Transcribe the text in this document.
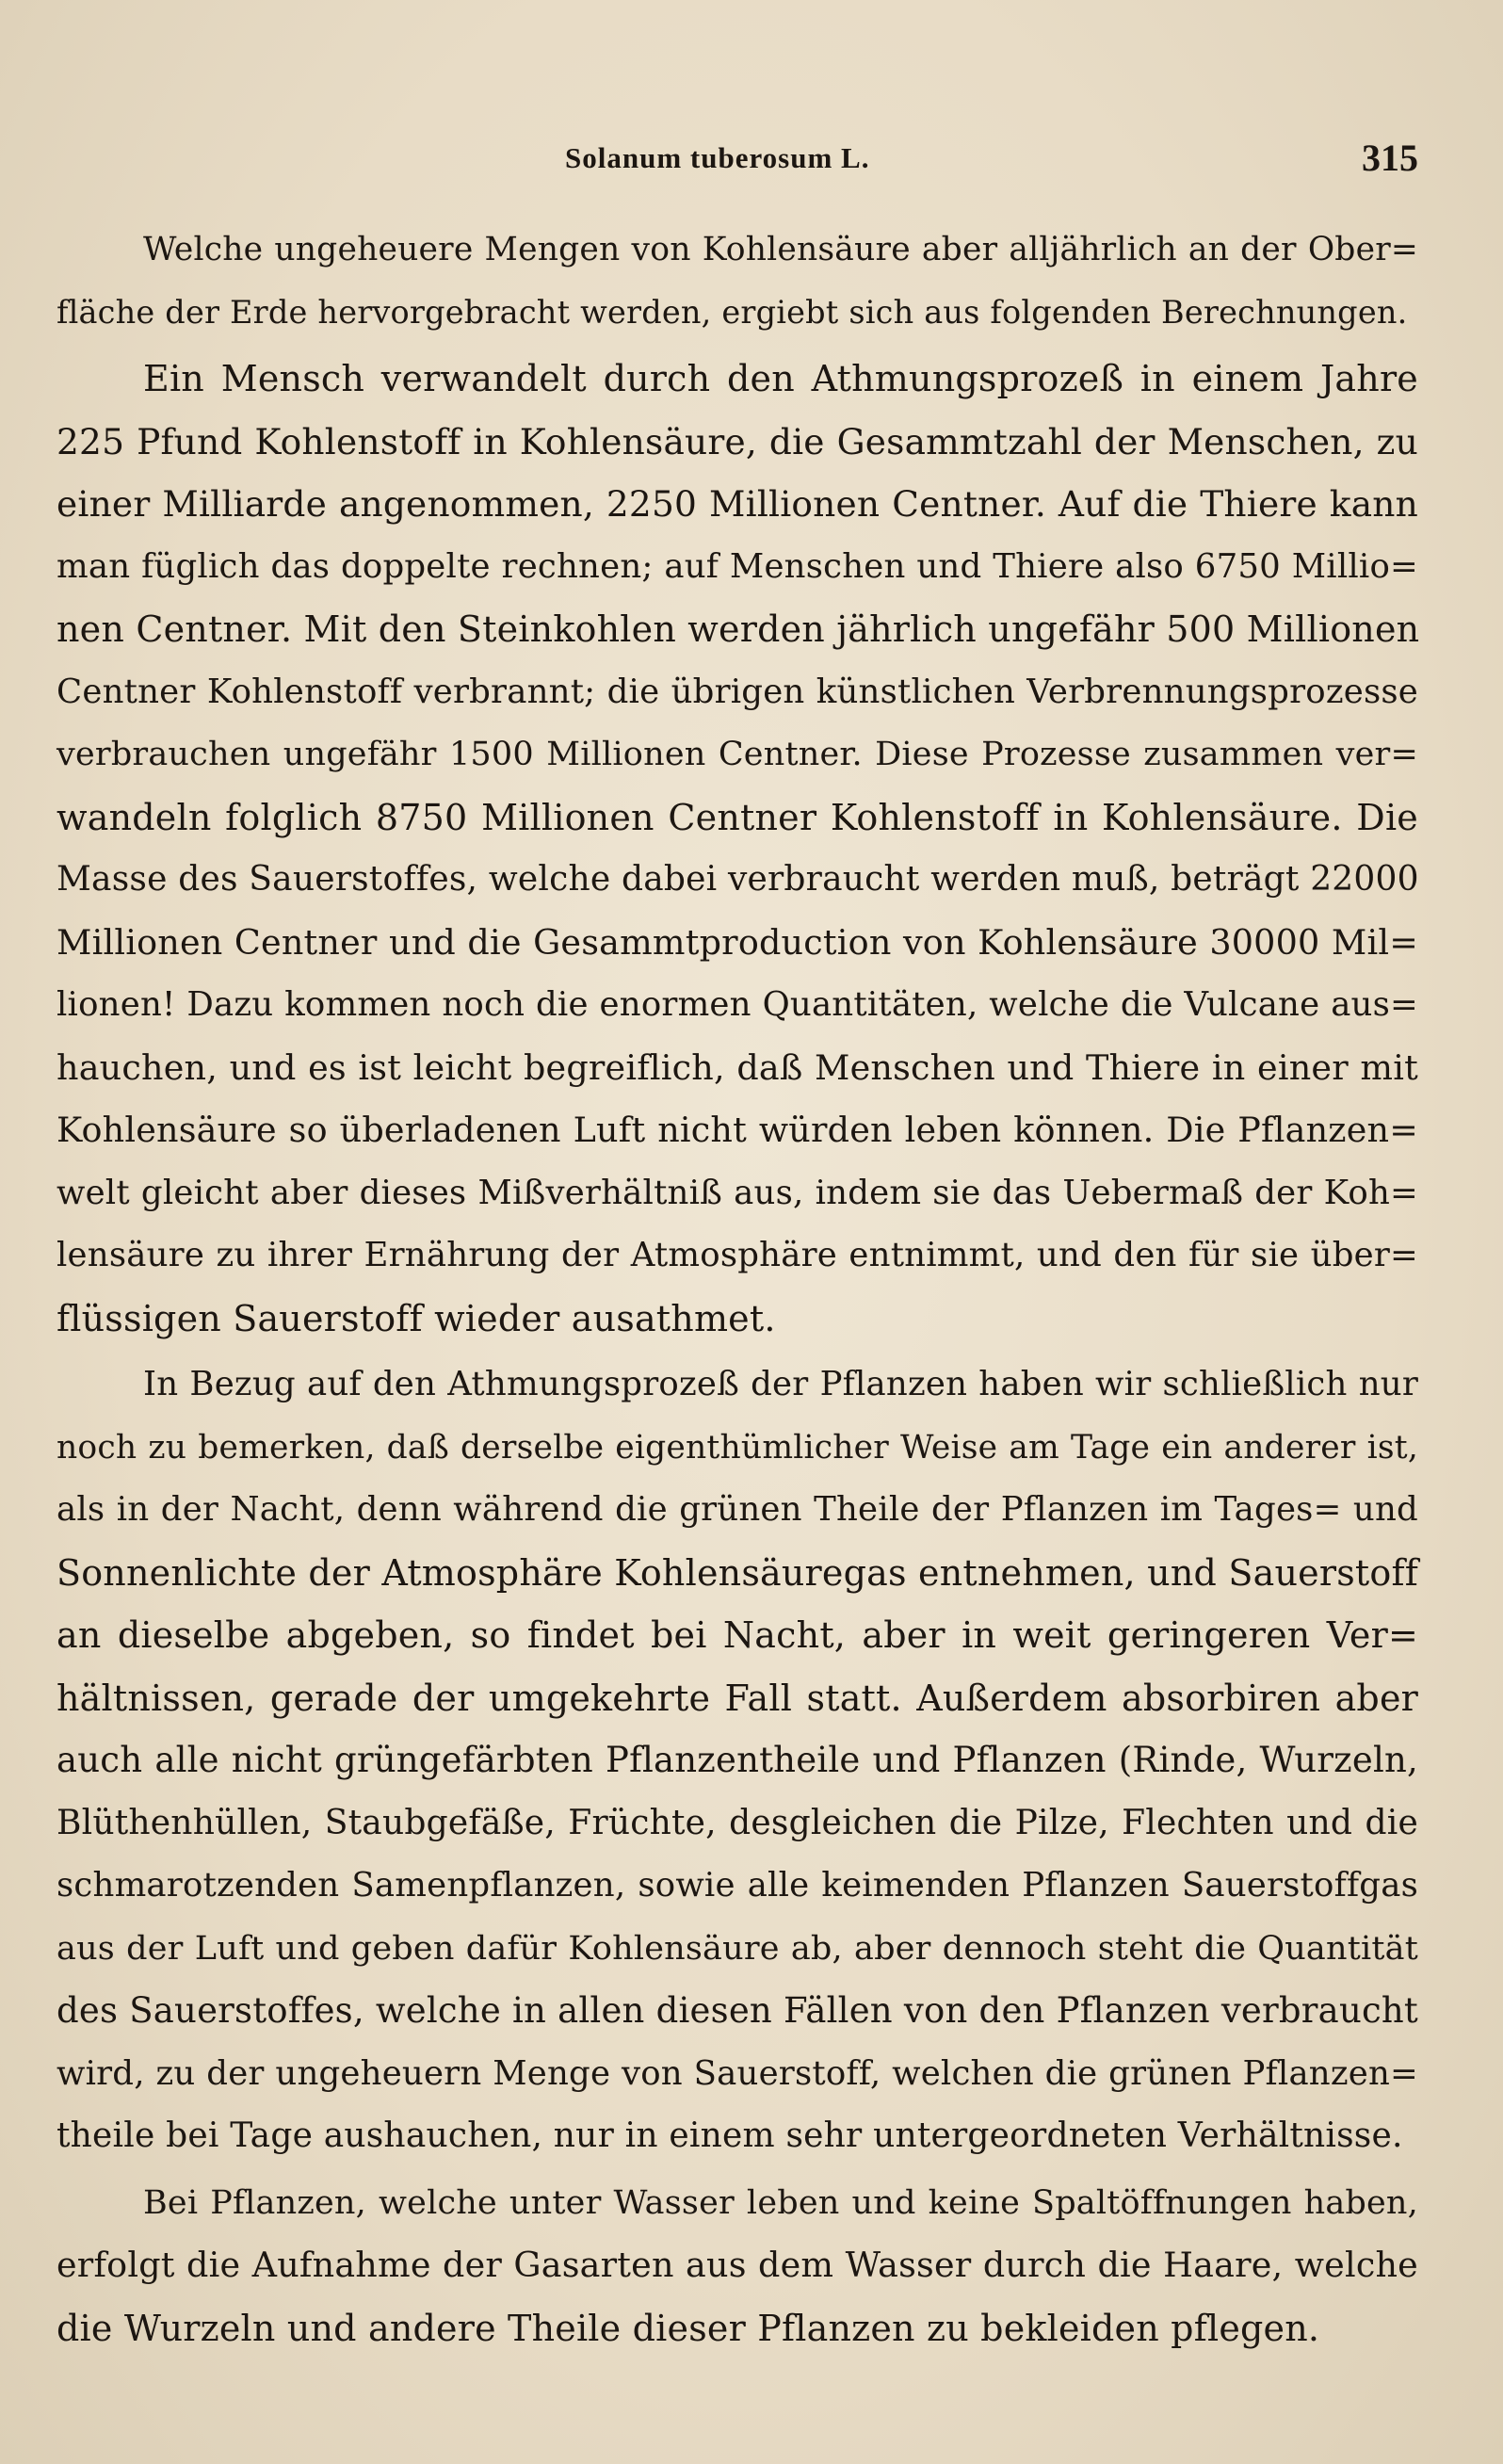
Solanum tuberosum L.	315
Welche ungeheuere Mengen von Kohlensäure aber alljährlich an der Ober=
fläche der Erde hervorgebracht werden, ergiebt sich aus folgenden Berechnungen.
Ein Mensch verwandelt durch den Athmungsprozeß in einem Jahre
225 Pfund Kohlenstoff in Kohlensäure, die Gesammtzahl der Menschen, zu
einer Milliarde angenommen, 2250 Millionen Centner. Auf die Thiere kann
man füglich das doppelte rechnen; auf Menschen und Thiere also 6750 Millio=
nen Centner. Mit den Steinkohlen werden jährlich ungefähr 500 Millionen
Centner Kohlenstoff verbrannt; die übrigen künstlichen Verbrennungsprozesse
verbrauchen ungefähr 1500 Millionen Centner. Diese Prozesse zusammen ver=
wandeln folglich 8750 Millionen Centner Kohlenstoff in Kohlensäure. Die
Masse des Sauerstoffes, welche dabei verbraucht werden muß, beträgt 22000
Millionen Centner und die Gesammtproduction von Kohlensäure 30000 Mil=
lionen! Dazu kommen noch die enormen Quantitäten, welche die Vulcane aus=
hauchen, und es ist leicht begreiflich, daß Menschen und Thiere in einer mit
Kohlensäure so überladenen Luft nicht würden leben können. Die Pflanzen=
welt gleicht aber dieses Mißverhältniß aus, indem sie das Uebermaß der Koh=
lensäure zu ihrer Ernährung der Atmosphäre entnimmt, und den für sie über=
flüssigen Sauerstoff wieder ausathmet.
In Bezug auf den Athmungsprozeß der Pflanzen haben wir schließlich nur
noch zu bemerken, daß derselbe eigenthümlicher Weise am Tage ein anderer ist,
als in der Nacht, denn während die grünen Theile der Pflanzen im Tages= und
Sonnenlichte der Atmosphäre Kohlensäuregas entnehmen, und Sauerstoff
an dieselbe abgeben, so findet bei Nacht, aber in weit geringeren Ver=
hältnissen, gerade der umgekehrte Fall statt. Außerdem absorbiren aber
auch alle nicht grüngefärbten Pflanzentheile und Pflanzen (Rinde, Wurzeln,
Blüthenhüllen, Staubgefäße, Früchte, desgleichen die Pilze, Flechten und die
schmarotzenden Samenpflanzen, sowie alle keimenden Pflanzen Sauerstoffgas
aus der Luft und geben dafür Kohlensäure ab, aber dennoch steht die Quantität
des Sauerstoffes, welche in allen diesen Fällen von den Pflanzen verbraucht
wird, zu der ungeheuern Menge von Sauerstoff, welchen die grünen Pflanzen=
theile bei Tage aushauchen, nur in einem sehr untergeordneten Verhältnisse.
Bei Pflanzen, welche unter Wasser leben und keine Spaltöffnungen haben,
erfolgt die Aufnahme der Gasarten aus dem Wasser durch die Haare, welche
die Wurzeln und andere Theile dieser Pflanzen zu bekleiden pflegen.
